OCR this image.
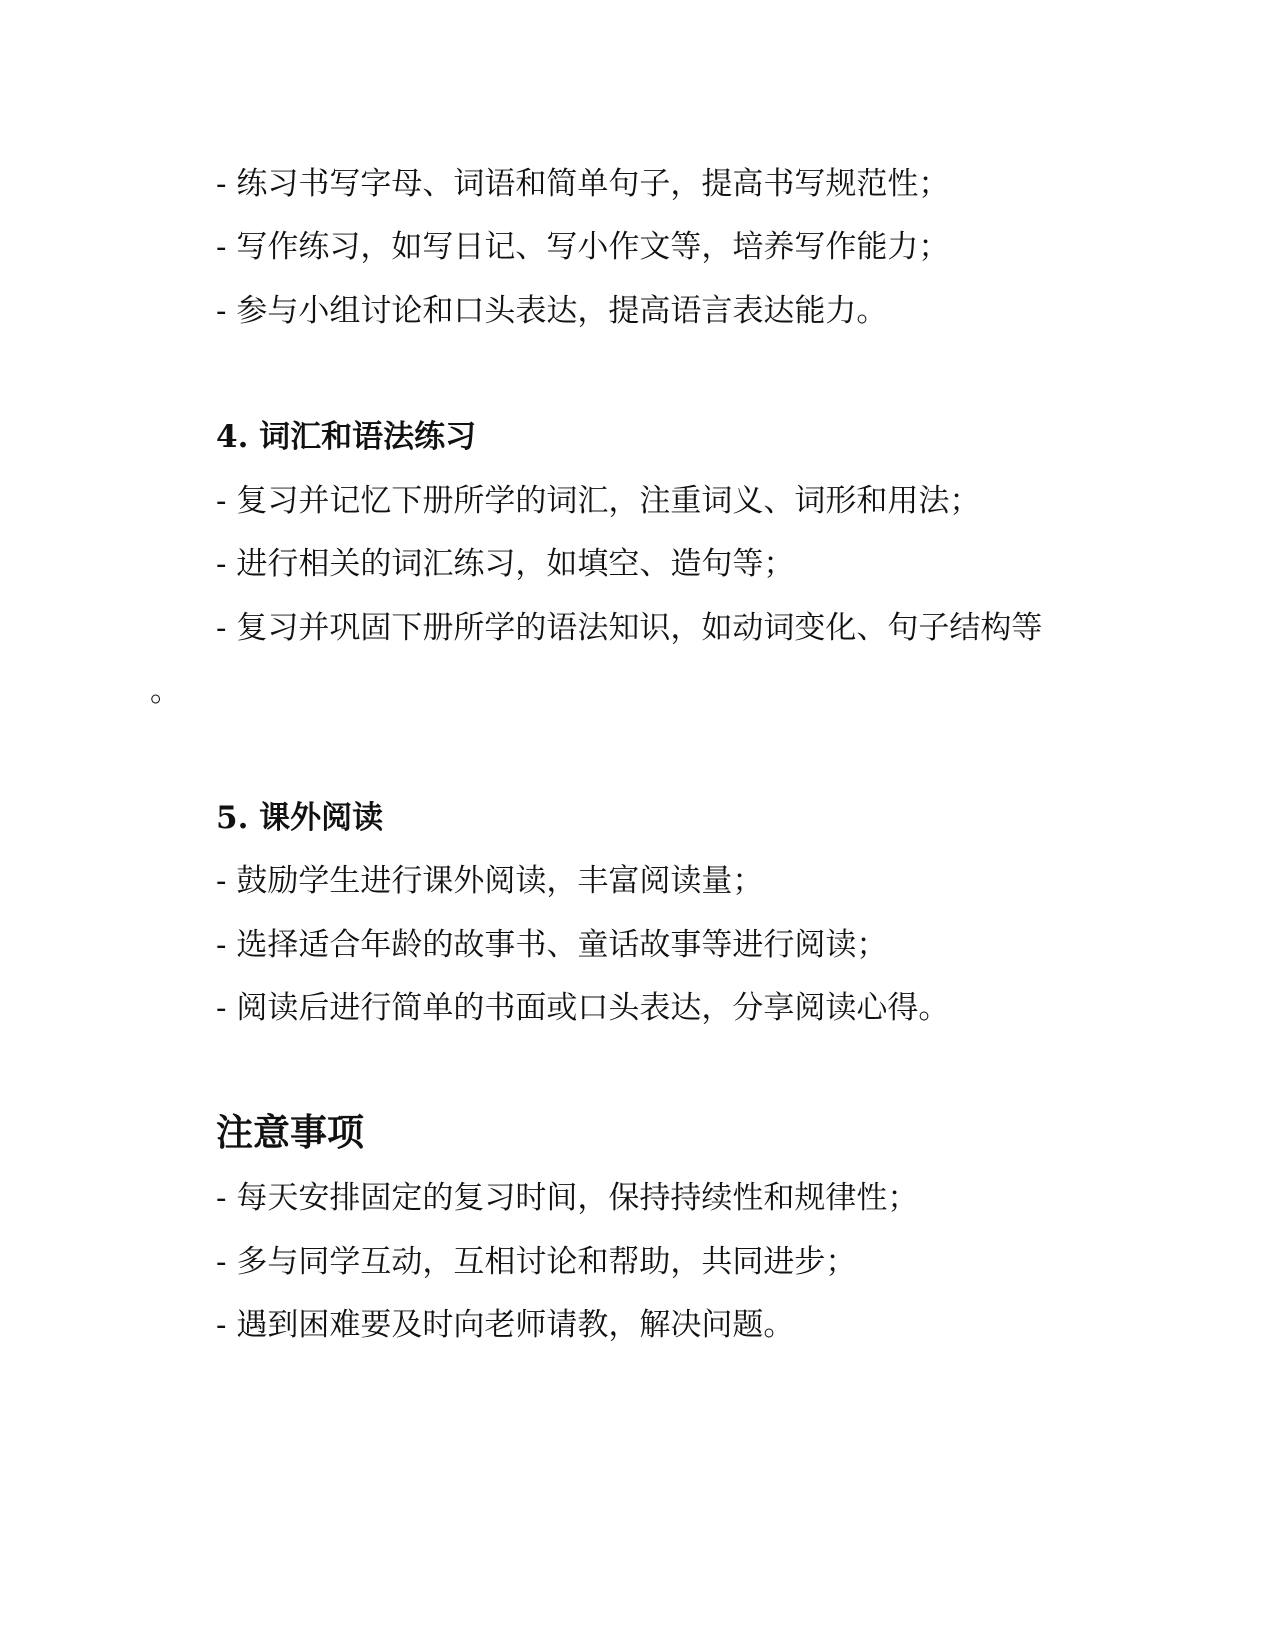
- 练习书写字母、词语和简单句子，提高书写规范性；
- 写作练习，如写日记、写小作文等，培养写作能力；
- 参与小组讨论和口头表达，提高语言表达能力。
4. 词汇和语法练习
- 复习并记忆下册所学的词汇，注重词义、词形和用法；
- 进行相关的词汇练习，如填空、造句等；
- 复习并巩固下册所学的语法知识，如动词变化、句子结构等
。
5. 课外阅读
- 鼓励学生进行课外阅读，丰富阅读量；
- 选择适合年龄的故事书、童话故事等进行阅读；
- 阅读后进行简单的书面或口头表达，分享阅读心得。
注意事项
- 每天安排固定的复习时间，保持持续性和规律性；
- 多与同学互动，互相讨论和帮助，共同进步；
- 遇到困难要及时向老师请教，解决问题。
